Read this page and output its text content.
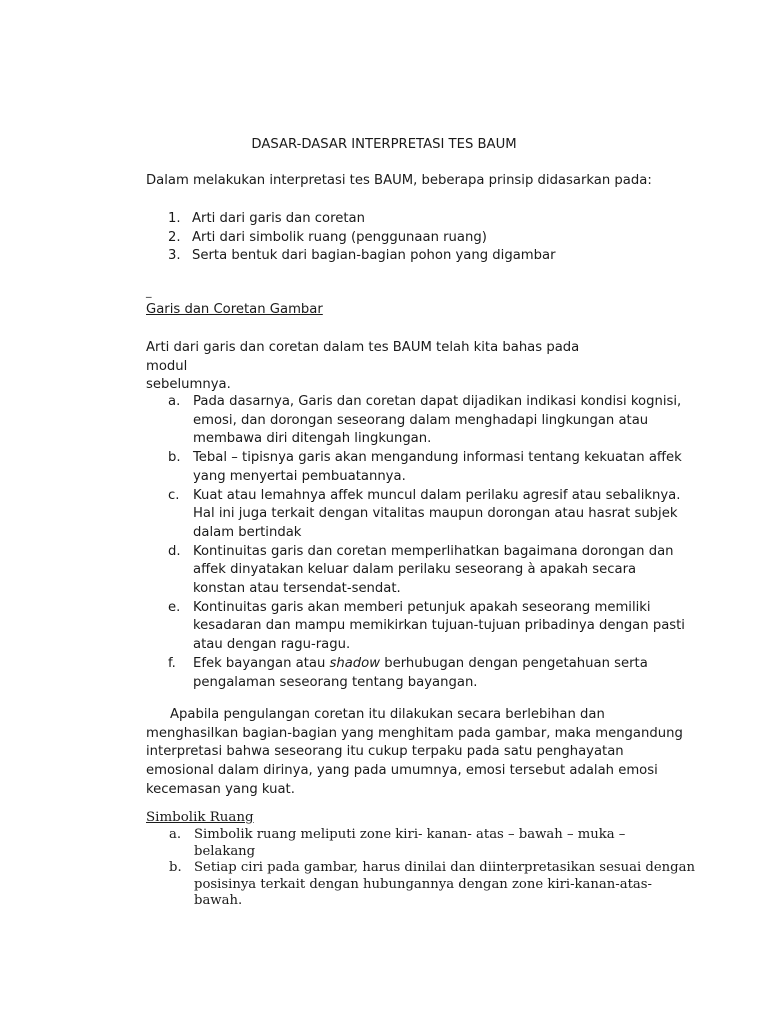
DASAR-DASAR INTERPRETASI TES BAUM
Dalam melakukan interpretasi tes BAUM, beberapa prinsip didasarkan pada:
1. Arti dari garis dan coretan
2. Arti dari simbolik ruang (penggunaan ruang)
3. Serta bentuk dari bagian-bagian pohon yang digambar
_
Garis dan Coretan Gambar
Arti dari garis dan coretan dalam tes BAUM telah kita bahas pada modul
sebelumnya.
a. Pada dasarnya, Garis dan coretan dapat dijadikan indikasi kondisi kognisi,
emosi, dan dorongan seseorang dalam menghadapi lingkungan atau
membawa diri ditengah lingkungan.
b. Tebal – tipisnya garis akan mengandung informasi tentang kekuatan affek
yang menyertai pembuatannya.
c. Kuat atau lemahnya affek muncul dalam perilaku agresif atau sebaliknya.
Hal ini juga terkait dengan vitalitas maupun dorongan atau hasrat subjek
dalam bertindak
d. Kontinuitas garis dan coretan memperlihatkan bagaimana dorongan dan
affek dinyatakan keluar dalam perilaku seseorang à apakah secara
konstan atau tersendat-sendat.
e. Kontinuitas garis akan memberi petunjuk apakah seseorang memiliki
kesadaran dan mampu memikirkan tujuan-tujuan pribadinya dengan pasti
atau dengan ragu-ragu.
f. Efek bayangan atau shadow berhubugan dengan pengetahuan serta
pengalaman seseorang tentang bayangan.
Apabila pengulangan coretan itu dilakukan secara berlebihan dan
menghasilkan bagian-bagian yang menghitam pada gambar, maka mengandung
interpretasi bahwa seseorang itu cukup terpaku pada satu penghayatan
emosional dalam dirinya, yang pada umumnya, emosi tersebut adalah emosi
kecemasan yang kuat.
Simbolik Ruang
a. Simbolik ruang meliputi zone kiri- kanan- atas – bawah – muka –
belakang
b. Setiap ciri pada gambar, harus dinilai dan diinterpretasikan sesuai dengan
posisinya terkait dengan hubungannya dengan zone kiri-kanan-atas-
bawah.
